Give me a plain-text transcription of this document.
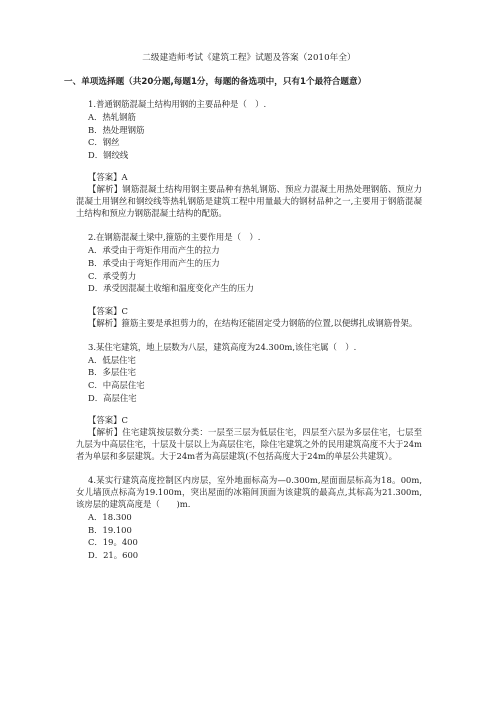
二级建造师考试《建筑工程》试题及答案（2010年全）
一、单项选择题（共20分题,每题1分，每题的备选项中，只有1个最符合题意）
1.普通钢筋混凝土结构用钢的主要品种是（　）.
A．热轧钢筋
B．热处理钢筋
C．钢丝
D．钢绞线
【答案】A
【解析】钢筋混凝土结构用钢主要品种有热轧钢筋、预应力混凝土用热处理钢筋、预应力混凝土用钢丝和钢绞线等热轧钢筋是建筑工程中用量最大的钢材品种之一,主要用于钢筋混凝土结构和预应力钢筋混凝土结构的配筋。
2.在钢筋混凝土梁中,箍筋的主要作用是（　）.
A．承受由于弯矩作用而产生的拉力
B．承受由于弯矩作用而产生的压力
C．承受剪力
D．承受因混凝土收缩和温度变化产生的压力
【答案】C
【解析】箍筋主要是承担剪力的，在结构还能固定受力钢筋的位置,以便绑扎成钢筋骨架。
3.某住宅建筑，地上层数为八层，建筑高度为24.300m,该住宅属（　）.
A．低层住宅
B．多层住宅
C．中高层住宅
D．高层住宅
【答案】C
【解析】住宅建筑按层数分类：一层至三层为低层住宅，四层至六层为多层住宅，七层至九层为中高层住宅，十层及十层以上为高层住宅，除住宅建筑之外的民用建筑高度不大于24m者为单层和多层建筑。大于24m者为高层建筑(不包括高度大于24m的单层公共建筑）。
4.某实行建筑高度控制区内房层，室外地面标高为—0.300m,屋面面层标高为18。00m,女儿墙顶点标高为19.100m，突出屋面的冰箱间顶面为该建筑的最高点,其标高为21.300m,该房层的建筑高度是（　　)m.
A．18.300
B．19.100
C．19。400
D．21。600
